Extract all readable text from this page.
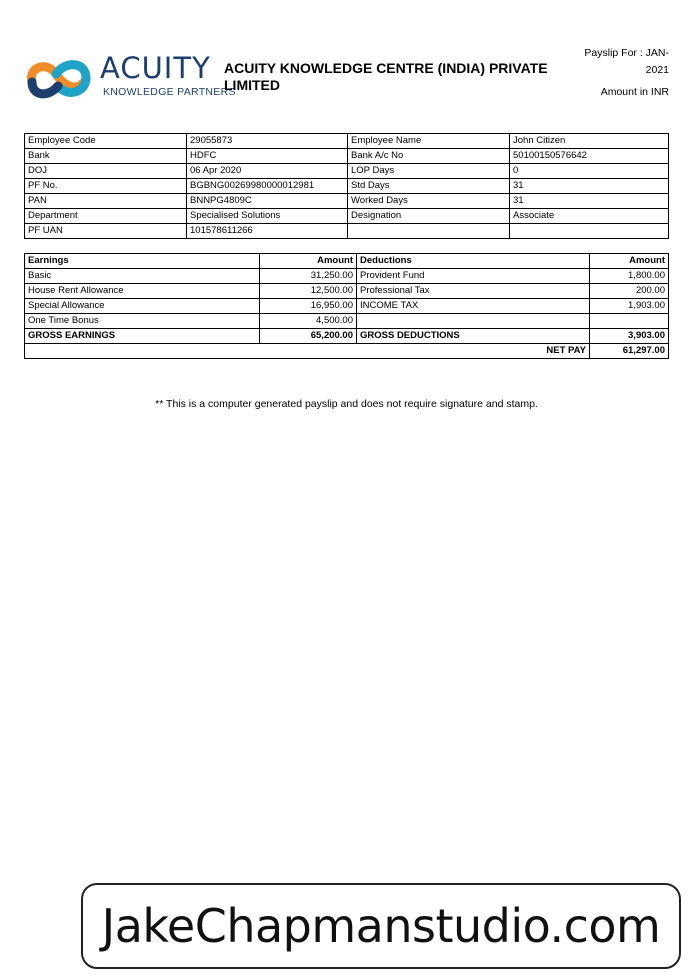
ACUITY
KNOWLEDGE PARTNERS
ACUITY KNOWLEDGE CENTRE (INDIA) PRIVATE LIMITED
Payslip For : JAN-2021
Amount in INR
Employee Code	29055873	Employee Name	John Citizen
Bank	HDFC	Bank A/c No	50100150576642
DOJ	06 Apr 2020	LOP Days	0
PF No.	BGBNG00269980000012981	Std Days	31
PAN	BNNPG4809C	Worked Days	31
Department	Specialised Solutions	Designation	Associate
PF UAN	101578611266		
Earnings	Amount	Deductions	Amount
Basic	31,250.00	Provident Fund	1,800.00
House Rent Allowance	12,500.00	Professional Tax	200.00
Special Allowance	16,950.00	INCOME TAX	1,903.00
One Time Bonus	4,500.00		
GROSS EARNINGS	65,200.00	GROSS DEDUCTIONS	3,903.00
NET PAY			61,297.00
** This is a computer generated payslip and does not require signature and stamp.
JakeChapmanstudio.com
